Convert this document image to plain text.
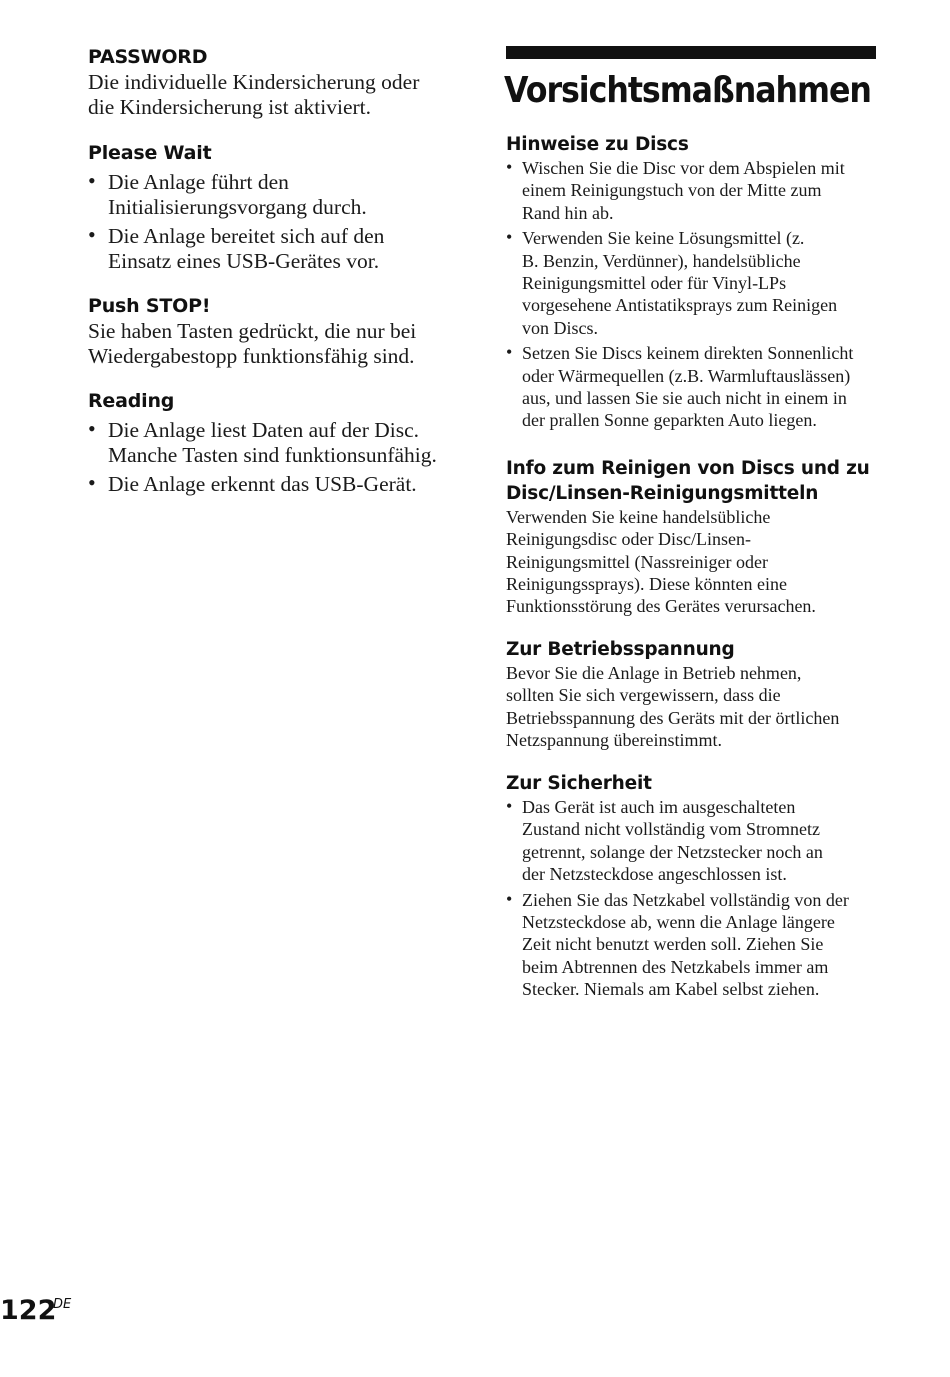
PASSWORD

Die individuelle Kindersicherung oder
die Kindersicherung ist aktiviert.

Please Wait
• Die Anlage führt den
Initialisierungsvorgang durch.
• Die Anlage bereitet sich auf den
Einsatz eines USB-Gerätes vor.
Push STOP!

Sie haben Tasten gedrückt, die nur bei
Wiedergabestopp funktionsfähig sind.

Reading
• Die Anlage liest Daten auf der Disc.
Manche Tasten sind funktionsunfähig.
• Die Anlage erkennt das USB-Gerät.
Vorsichtsmaßnahmen
Hinweise zu Discs
• Wischen Sie die Disc vor dem Abspielen mit
einem Reinigungstuch von der Mitte zum
Rand hin ab.
• Verwenden Sie keine Lösungsmittel (z.
B. Benzin, Verdünner), handelsübliche
Reinigungsmittel oder für Vinyl-LPs
vorgesehene Antistatiksprays zum Reinigen
von Discs.
• Setzen Sie Discs keinem direkten Sonnenlicht
oder Wärmequellen (z.B. Warmluftauslässen)
aus, und lassen Sie sie auch nicht in einem in
der prallen Sonne geparkten Auto liegen.
Info zum Reinigen von Discs und zu
Disc/Linsen-Reinigungsmitteln

Verwenden Sie keine handelsübliche
Reinigungsdisc oder Disc/Linsen-
Reinigungsmittel (Nassreiniger oder
Reinigungssprays). Diese könnten eine
Funktionsstörung des Gerätes verursachen.

Zur Betriebsspannung

Bevor Sie die Anlage in Betrieb nehmen,
sollten Sie sich vergewissern, dass die
Betriebsspannung des Geräts mit der örtlichen
Netzspannung übereinstimmt.

Zur Sicherheit
• Das Gerät ist auch im ausgeschalteten
Zustand nicht vollständig vom Stromnetz
getrennt, solange der Netzstecker noch an
der Netzsteckdose angeschlossen ist.
• Ziehen Sie das Netzkabel vollständig von der
Netzsteckdose ab, wenn die Anlage längere
Zeit nicht benutzt werden soll. Ziehen Sie
beim Abtrennen des Netzkabels immer am
Stecker. Niemals am Kabel selbst ziehen.
122
DE
